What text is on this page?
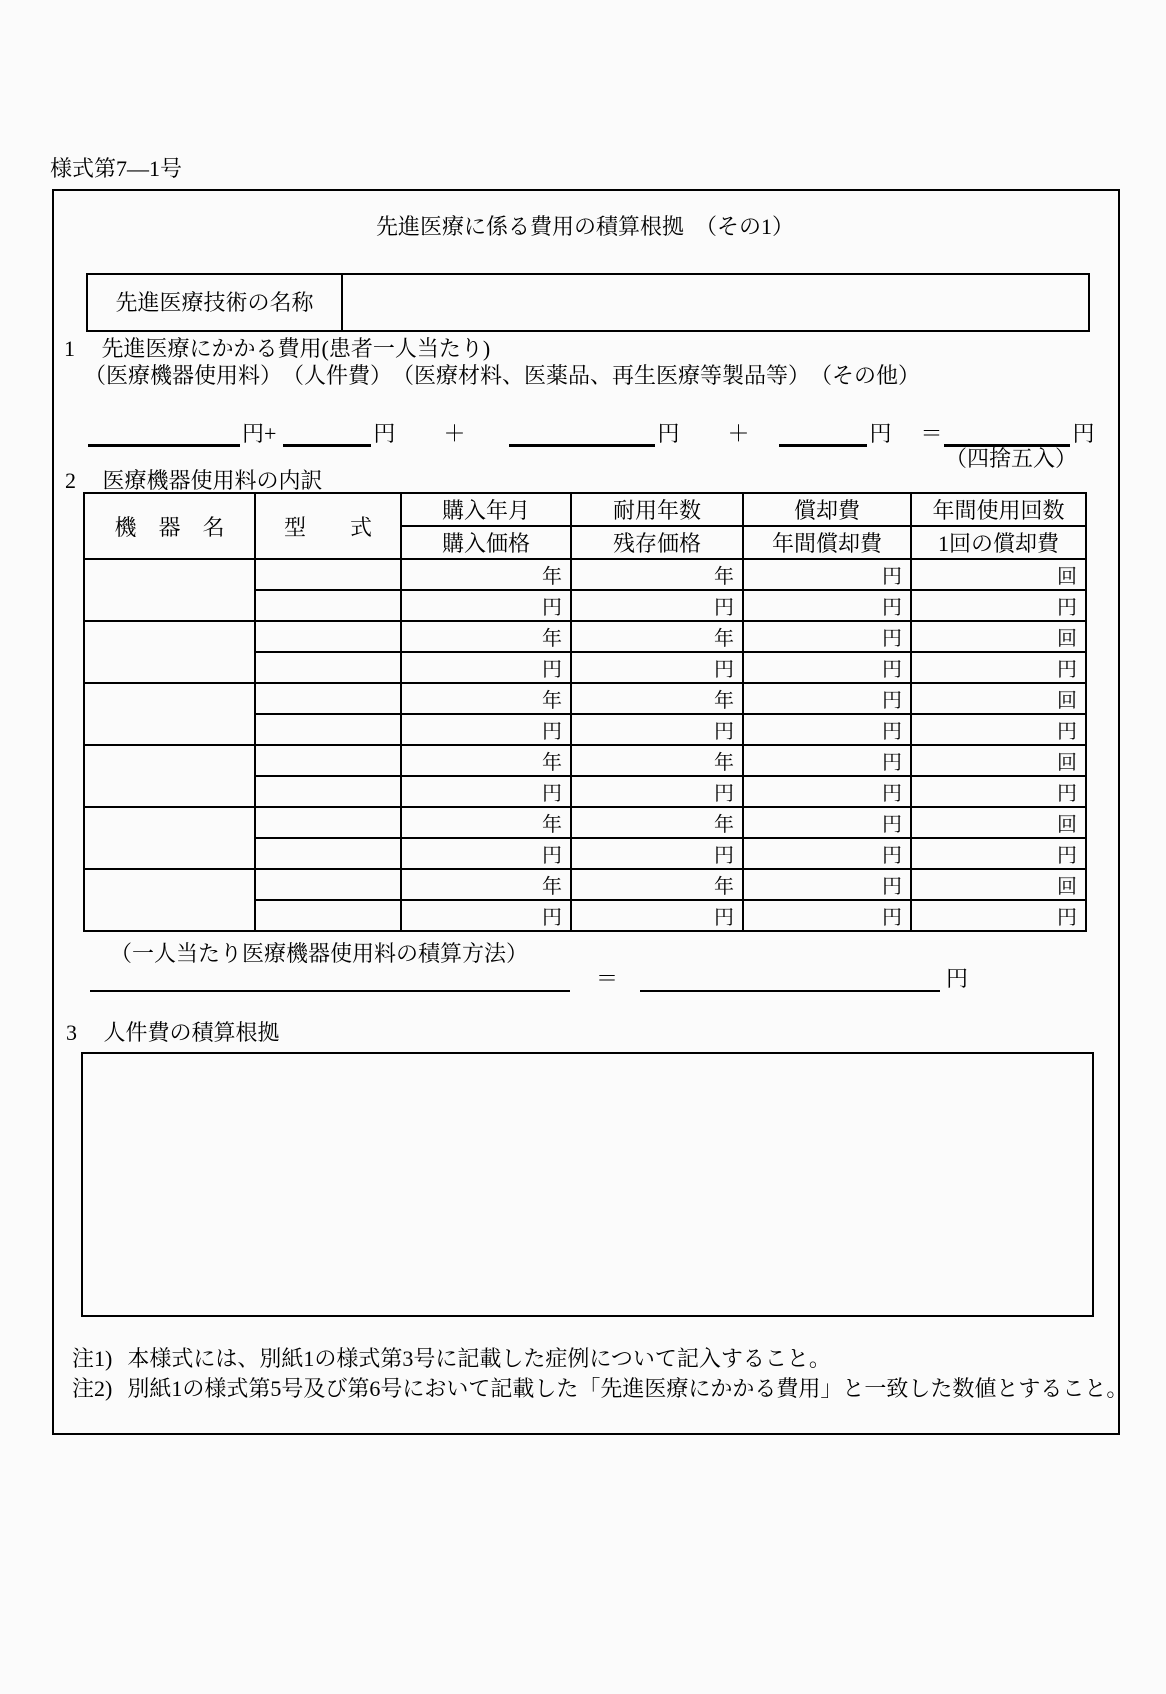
様式第7―1号
先進医療に係る費用の積算根拠　（その1）
先進医療技術の名称
1 先進医療にかかる費用(患者一人当たり)
（医療機器使用料）　（人件費）　（医療材料、医薬品、再生医療等製品等）　（その他）
円+	円 ＋	円 ＋	円 ＝	円
（四捨五入）
2 医療機器使用料の内訳
機　器　名	型　　式	購入年月	耐用年数	償却費	年間使用回数
		購入価格	残存価格	年間償却費	1回の償却費
		年	年	円	回
		円	円	円	円
		年	年	円	回
		円	円	円	円
		年	年	円	回
		円	円	円	円
		年	年	円	回
		円	円	円	円
		年	年	円	回
		円	円	円	円
		年	年	円	回
		円	円	円	円
（一人当たり医療機器使用料の積算方法）
＝	円
3 人件費の積算根拠
注1) 本様式には、別紙1の様式第3号に記載した症例について記入すること。
注2) 別紙1の様式第5号及び第6号において記載した「先進医療にかかる費用」と一致した数値とすること。
